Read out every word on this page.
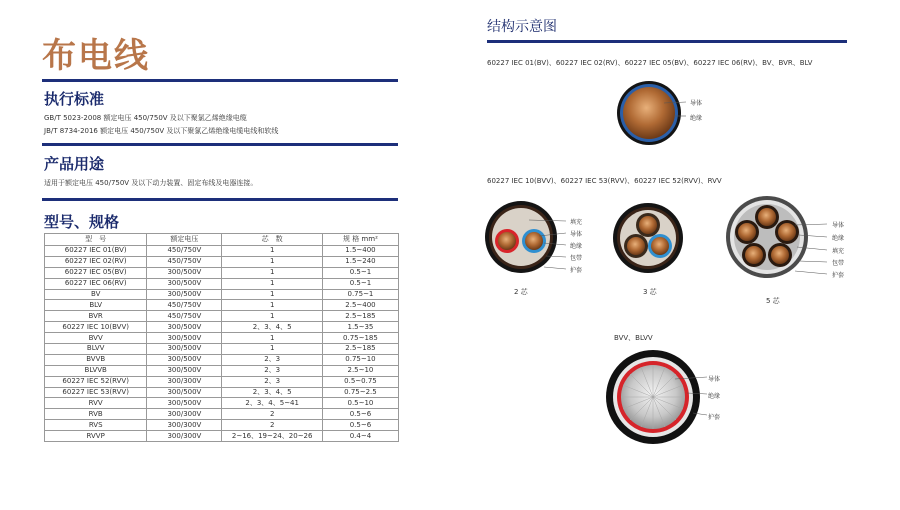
布电线
执行标准
GB/T 5023-2008 额定电压 450/750V 及以下聚氯乙烯绝缘电缆
JB/T 8734-2016 额定电压 450/750V 及以下聚氯乙烯绝缘电缆电线和软线
产品用途
适用于额定电压 450/750V 及以下动力装置、固定布线及电器连接。
型号、规格
型　号	额定电压	芯　数	规 格 mm²
60227 IEC 01(BV)	450/750V	1	1.5~400
60227 IEC 02(RV)	450/750V	1	1.5~240
60227 IEC 05(BV)	300/500V	1	0.5~1
60227 IEC 06(RV)	300/500V	1	0.5~1
BV	300/500V	1	0.75~1
BLV	450/750V	1	2.5~400
BVR	450/750V	1	2.5~185
60227 IEC 10(BVV)	300/500V	2、3、4、5	1.5~35
BVV	300/500V	1	0.75~185
BLVV	300/500V	1	2.5~185
BVVB	300/500V	2、3	0.75~10
BLVVB	300/500V	2、3	2.5~10
60227 IEC 52(RVV)	300/300V	2、3	0.5~0.75
60227 IEC 53(RVV)	300/500V	2、3、4、5	0.75~2.5
RVV	300/500V	2、3、4、5~41	0.5~10
RVB	300/300V	2	0.5~6
RVS	300/300V	2	0.5~6
RVVP	300/300V	2~16、19~24、20~26	0.4~4
结构示意图
60227 IEC 01(BV)、60227 IEC 02(RV)、60227 IEC 05(BV)、60227 IEC 06(RV)、BV、BVR、BLV
导体
绝缘
60227 IEC 10(BVV)、60227 IEC 53(RVV)、60227 IEC 52(RVV)、RVV
填充
导体
绝缘
包带
护套
2 芯	3 芯
导体
绝缘
填充
包带
护套
5 芯
BVV、BLVV
导体
绝缘
护套
